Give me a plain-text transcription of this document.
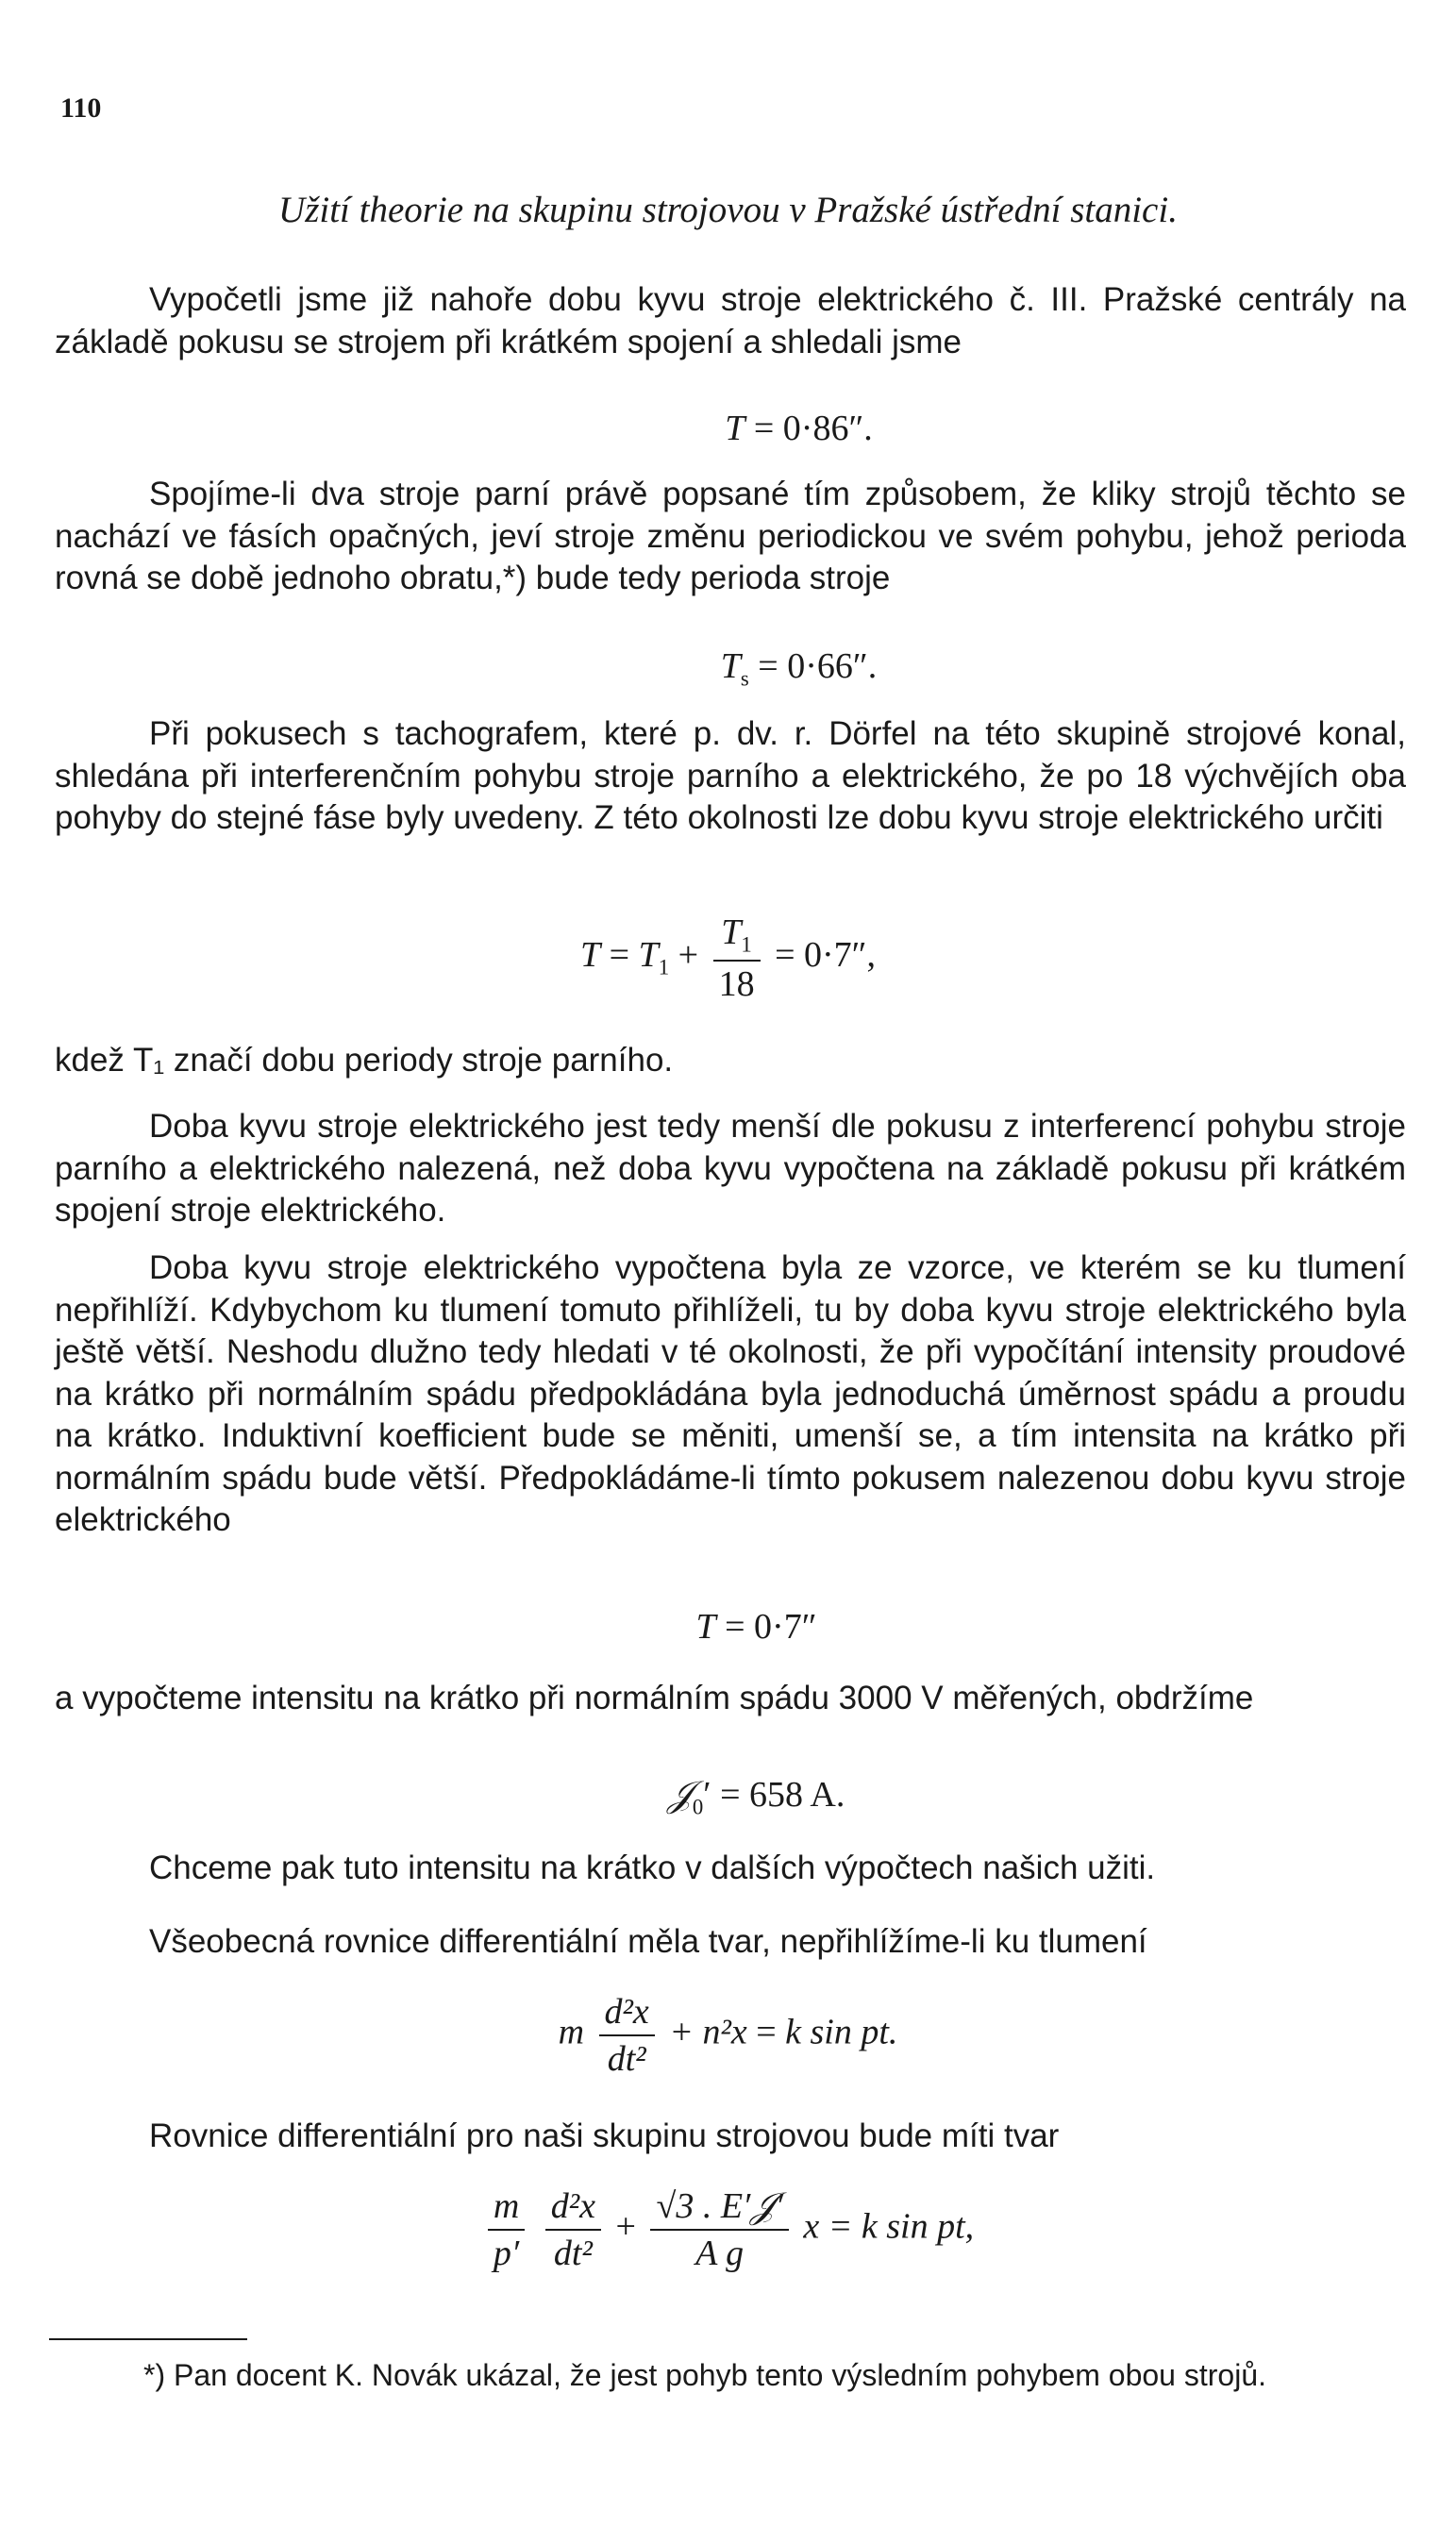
110
Užití theorie na skupinu strojovou v Pražské ústřední stanici.
Vypočetli jsme již nahoře dobu kyvu stroje elektrického č. III. Pražské centrály na základě pokusu se strojem při krátkém spojení a shledali jsme
T = 0·86″.
Spojíme-li dva stroje parní právě popsané tím způsobem, že kliky strojů těchto se nachází ve fásích opačných, jeví stroje změnu periodickou ve svém pohybu, jehož perioda rovná se době jednoho obratu,*) bude tedy perioda stroje
$T_s = 0\cdot 66''$.
Při pokusech s tachografem, které p. dv. r. Dörfel na této skupině strojové konal, shledána při interferenčním pohybu stroje parního a elektrického, že po 18 výchvějích oba pohyby do stejné fáse byly uvedeny. Z této okolnosti lze dobu kyvu stroje elektrického určiti
$T = T_1 + \frac{T_1}{18} = 0\cdot 7''$,
kdež T₁ značí dobu periody stroje parního.
Doba kyvu stroje elektrického jest tedy menší dle pokusu z interferencí pohybu stroje parního a elektrického nalezená, než doba kyvu vypočtena na základě pokusu při krátkém spojení stroje elektrického.
Doba kyvu stroje elektrického vypočtena byla ze vzorce, ve kterém se ku tlumení nepřihlíží. Kdybychom ku tlumení tomuto přihlíželi, tu by doba kyvu stroje elektrického byla ještě větší. Neshodu dlužno tedy hledati v té okolnosti, že při vypočítání intensity proudové na krátko při normálním spádu předpokládána byla jednoduchá úměrnost spádu a proudu na krátko. Induktivní koefficient bude se měniti, umenší se, a tím intensita na krátko při normálním spádu bude větší. Předpokládáme-li tímto pokusem nalezenou dobu kyvu stroje elektrického
T = 0·7″
a vypočteme intensitu na krátko při normálním spádu 3000 V měřených, obdržíme
𝒥$_0$′ = 658 A.
Chceme pak tuto intensitu na krátko v dalších výpočtech našich užiti.
Všeobecná rovnice differentiální měla tvar, nepřihlížíme-li ku tlumení
m $\frac{\text{d²x}}{\text{dt²}} + n^2x = k$ sin pt.
Rovnice differentiální pro naši skupinu strojovou bude míti tvar
$\frac{m}{p'}$
$\frac{\text{d²x}}{\text{dt²}} + \frac{\text{√3 . E′𝒥′}}{\text{A g}}$ x = k sin pt,
*) Pan docent K. Novák ukázal, že jest pohyb tento výsledním pohybem obou strojů.
